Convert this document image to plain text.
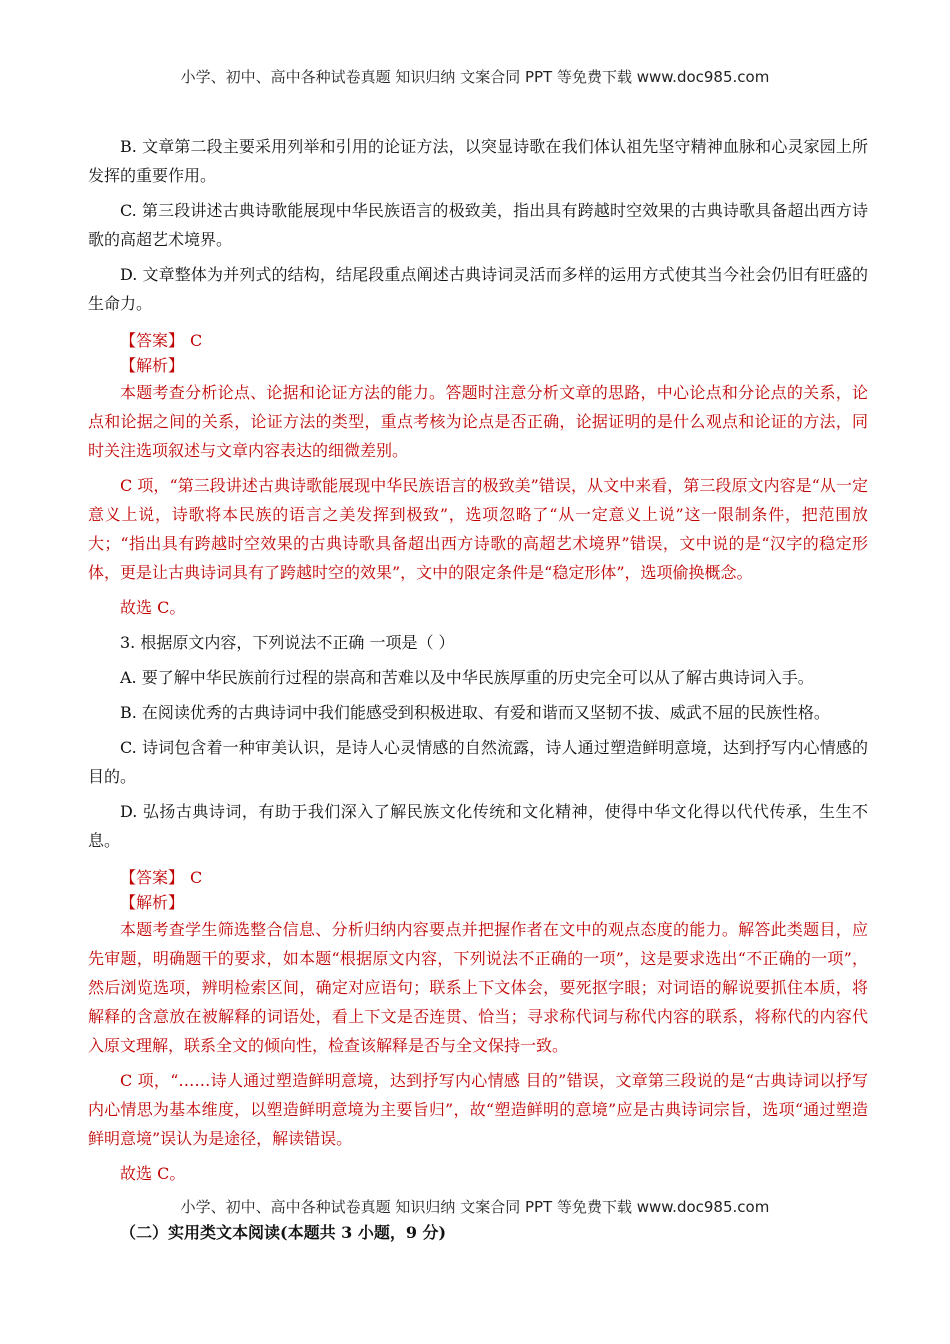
小学、初中、高中各种试卷真题 知识归纳 文案合同 PPT 等免费下载 www.doc985.com

B. 文章第二段主要采用列举和引用的论证方法，以突显诗歌在我们体认祖先坚守精神血脉和心灵家园上所发挥的重要作用。

C. 第三段讲述古典诗歌能展现中华民族语言的极致美，指出具有跨越时空效果的古典诗歌具备超出西方诗歌的高超艺术境界。

D. 文章整体为并列式的结构，结尾段重点阐述古典诗词灵活而多样的运用方式使其当今社会仍旧有旺盛的生命力。

【答案】 C

【解析】

本题考查分析论点、论据和论证方法的能力。答题时注意分析文章的思路，中心论点和分论点的关系，论点和论据之间的关系，论证方法的类型，重点考核为论点是否正确，论据证明的是什么观点和论证的方法，同时关注选项叙述与文章内容表达的细微差别。

C 项，“第三段讲述古典诗歌能展现中华民族语言的极致美”错误，从文中来看，第三段原文内容是“从一定意义上说，诗歌将本民族的语言之美发挥到极致”，选项忽略了“从一定意义上说”这一限制条件，把范围放大；“指出具有跨越时空效果的古典诗歌具备超出西方诗歌的高超艺术境界”错误，文中说的是“汉字的稳定形体，更是让古典诗词具有了跨越时空的效果”，文中的限定条件是“稳定形体”，选项偷换概念。

故选 C。

3. 根据原文内容，下列说法不正确 一项是（ ）

A. 要了解中华民族前行过程的崇高和苦难以及中华民族厚重的历史完全可以从了解古典诗词入手。

B. 在阅读优秀的古典诗词中我们能感受到积极进取、有爱和谐而又坚韧不拔、威武不屈的民族性格。

C. 诗词包含着一种审美认识，是诗人心灵情感的自然流露，诗人通过塑造鲜明意境，达到抒写内心情感的目的。

D. 弘扬古典诗词，有助于我们深入了解民族文化传统和文化精神，使得中华文化得以代代传承，生生不息。

【答案】 C

【解析】

本题考查学生筛选整合信息、分析归纳内容要点并把握作者在文中的观点态度的能力。解答此类题目，应先审题，明确题干的要求，如本题“根据原文内容，下列说法不正确的一项”，这是要求选出“不正确的一项”，然后浏览选项，辨明检索区间，确定对应语句；联系上下文体会，要死抠字眼；对词语的解说要抓住本质，将解释的含意放在被解释的词语处，看上下文是否连贯、恰当；寻求称代词与称代内容的联系，将称代的内容代入原文理解，联系全文的倾向性，检查该解释是否与全文保持一致。

C 项，“……诗人通过塑造鲜明意境，达到抒写内心情感 目的”错误，文章第三段说的是“古典诗词以抒写内心情思为基本维度，以塑造鲜明意境为主要旨归”，故“塑造鲜明的意境”应是古典诗词宗旨，选项“通过塑造鲜明意境”误认为是途径，解读错误。

故选 C。

（二）实用类文本阅读(本题共 3 小题，9 分)
小学、初中、高中各种试卷真题 知识归纳 文案合同 PPT 等免费下载 www.doc985.com
